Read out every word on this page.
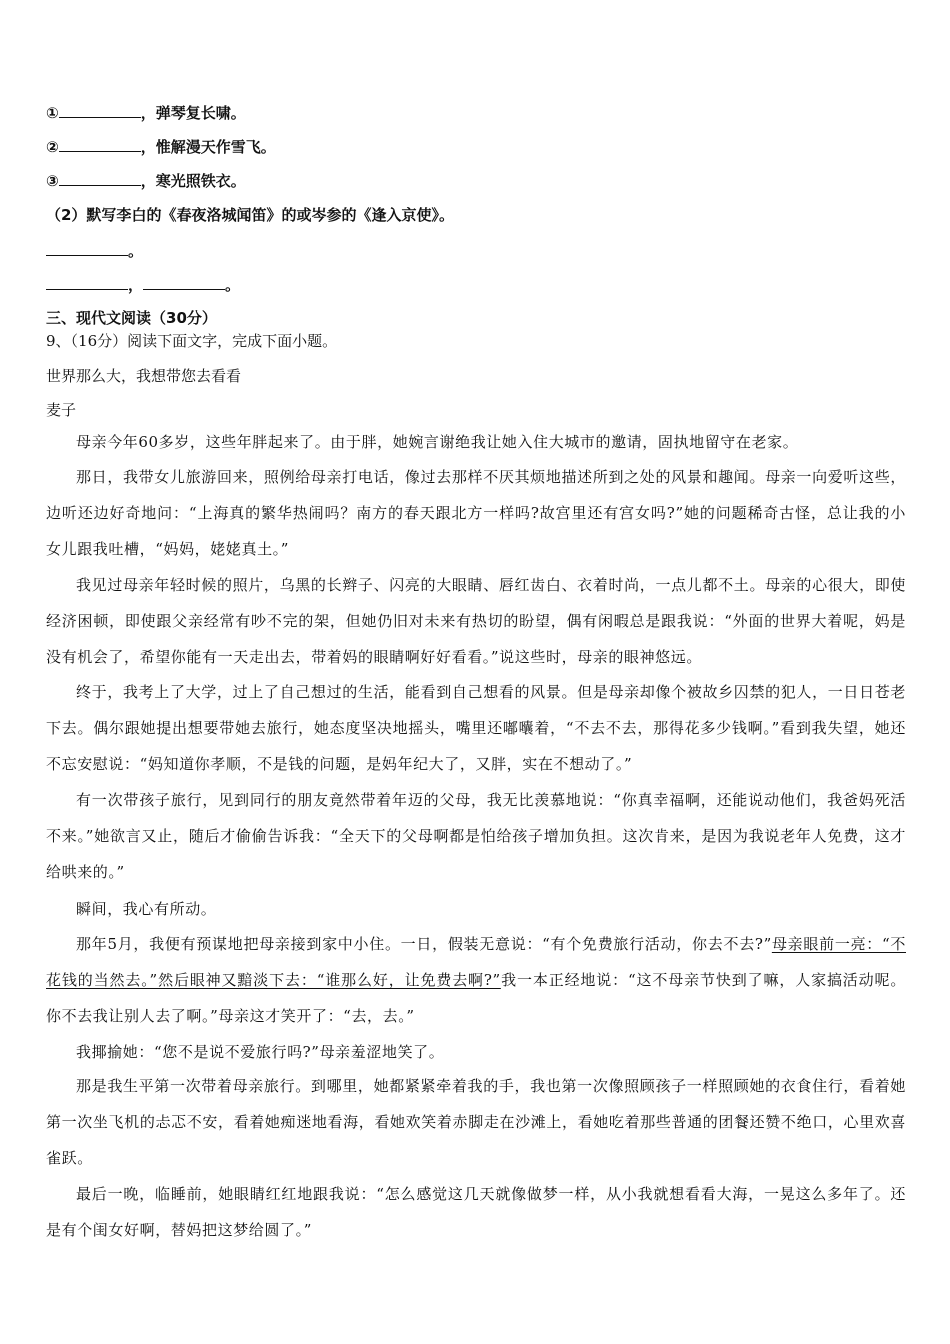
①	，弹琴复长啸。
②	，惟解漫天作雪飞。
③	，寒光照铁衣。
（2）默写李白的《春夜洛城闻笛》的或岑参的《逢入京使》。
。
，	。
三、现代文阅读（30分）
9、（16分）阅读下面文字，完成下面小题。
世界那么大，我想带您去看看
麦子
母亲今年60多岁，这些年胖起来了。由于胖，她婉言谢绝我让她入住大城市的邀请，固执地留守在老家。
那日，我带女儿旅游回来，照例给母亲打电话，像过去那样不厌其烦地描述所到之处的风景和趣闻。母亲一向爱听这些，边听还边好奇地问：“上海真的繁华热闹吗？南方的春天跟北方一样吗?故宫里还有宫女吗?”她的问题稀奇古怪，总让我的小女儿跟我吐槽，“妈妈，姥姥真土。”
我见过母亲年轻时候的照片，乌黑的长辫子、闪亮的大眼睛、唇红齿白、衣着时尚，一点儿都不土。母亲的心很大，即使经济困顿，即使跟父亲经常有吵不完的架，但她仍旧对未来有热切的盼望，偶有闲暇总是跟我说：“外面的世界大着呢，妈是没有机会了，希望你能有一天走出去，带着妈的眼睛啊好好看看。”说这些时，母亲的眼神悠远。
终于，我考上了大学，过上了自己想过的生活，能看到自己想看的风景。但是母亲却像个被故乡囚禁的犯人，一日日苍老下去。偶尔跟她提出想要带她去旅行，她态度坚决地摇头，嘴里还嘟囔着，“不去不去，那得花多少钱啊。”看到我失望，她还不忘安慰说：“妈知道你孝顺，不是钱的问题，是妈年纪大了，又胖，实在不想动了。”
有一次带孩子旅行，见到同行的朋友竟然带着年迈的父母，我无比羡慕地说：“你真幸福啊，还能说动他们，我爸妈死活不来。”她欲言又止，随后才偷偷告诉我：“全天下的父母啊都是怕给孩子增加负担。这次肯来，是因为我说老年人免费，这才给哄来的。”
瞬间，我心有所动。
那年5月，我便有预谋地把母亲接到家中小住。一日，假装无意说：“有个免费旅行活动，你去不去?”母亲眼前一亮：“不花钱的当然去。”然后眼神又黯淡下去：“谁那么好，让免费去啊?”我一本正经地说：“这不母亲节快到了嘛，人家搞活动呢。你不去我让别人去了啊。”母亲这才笑开了：“去，去。”
我揶揄她：“您不是说不爱旅行吗?”母亲羞涩地笑了。
那是我生平第一次带着母亲旅行。到哪里，她都紧紧牵着我的手，我也第一次像照顾孩子一样照顾她的衣食住行，看着她第一次坐飞机的忐忑不安，看着她痴迷地看海，看她欢笑着赤脚走在沙滩上，看她吃着那些普通的团餐还赞不绝口，心里欢喜雀跃。
最后一晚，临睡前，她眼睛红红地跟我说：“怎么感觉这几天就像做梦一样，从小我就想看看大海，一晃这么多年了。还是有个闺女好啊，替妈把这梦给圆了。”
